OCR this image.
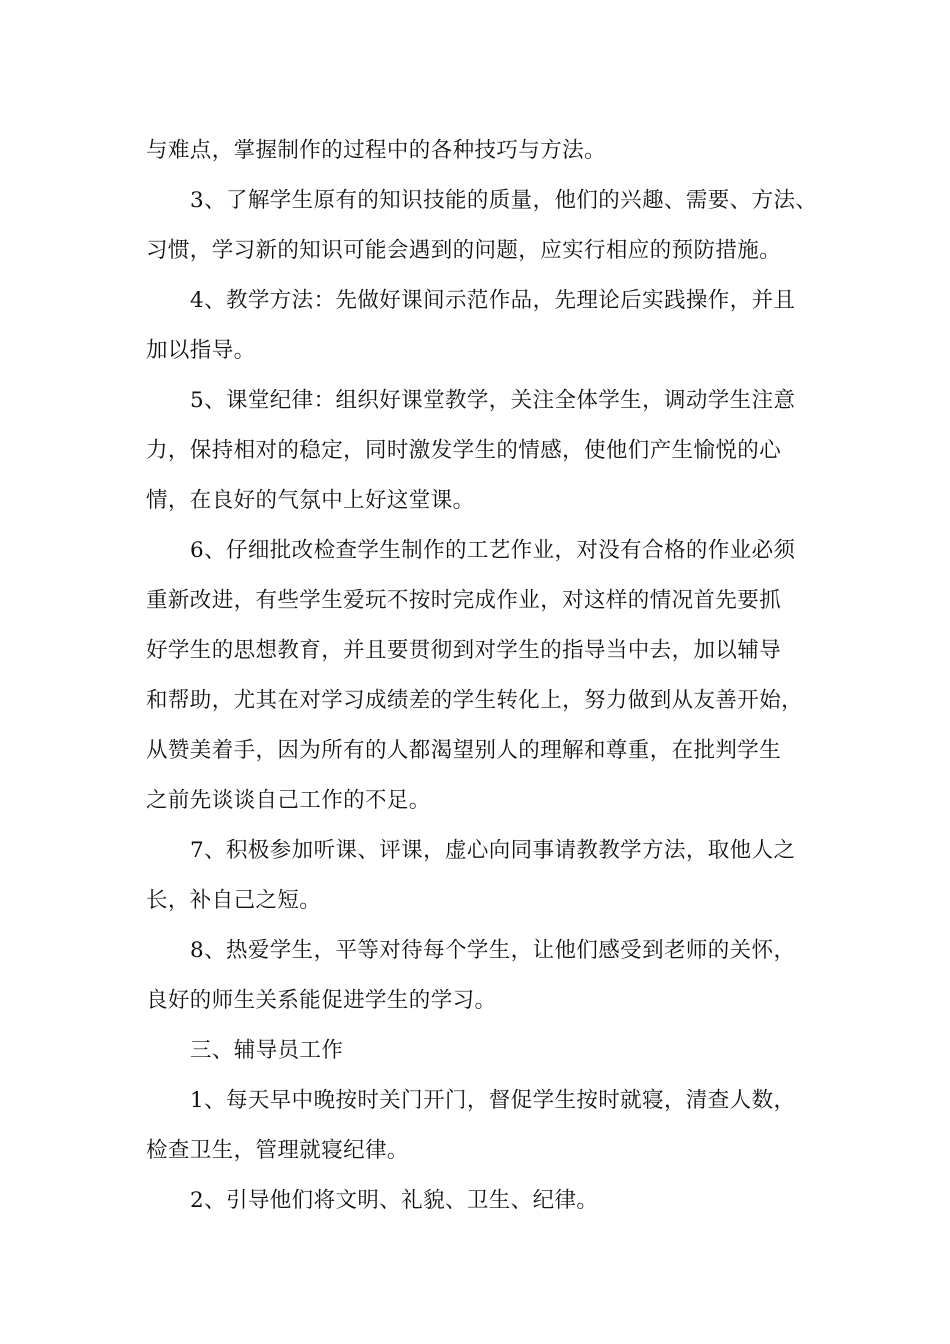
与难点，掌握制作的过程中的各种技巧与方法。
3、了解学生原有的知识技能的质量，他们的兴趣、需要、方法、
习惯，学习新的知识可能会遇到的问题，应实行相应的预防措施。
4、教学方法：先做好课间示范作品，先理论后实践操作，并且
加以指导。
5、课堂纪律：组织好课堂教学，关注全体学生，调动学生注意
力，保持相对的稳定，同时激发学生的情感，使他们产生愉悦的心
情，在良好的气氛中上好这堂课。
6、仔细批改检查学生制作的工艺作业，对没有合格的作业必须
重新改进，有些学生爱玩不按时完成作业，对这样的情况首先要抓
好学生的思想教育，并且要贯彻到对学生的指导当中去，加以辅导
和帮助，尤其在对学习成绩差的学生转化上，努力做到从友善开始，
从赞美着手，因为所有的人都渴望别人的理解和尊重，在批判学生
之前先谈谈自己工作的不足。
7、积极参加听课、评课，虚心向同事请教教学方法，取他人之
长，补自己之短。
8、热爱学生，平等对待每个学生，让他们感受到老师的关怀，
良好的师生关系能促进学生的学习。
三、辅导员工作
1、每天早中晚按时关门开门，督促学生按时就寝，清查人数，
检查卫生，管理就寝纪律。
2、引导他们将文明、礼貌、卫生、纪律。
